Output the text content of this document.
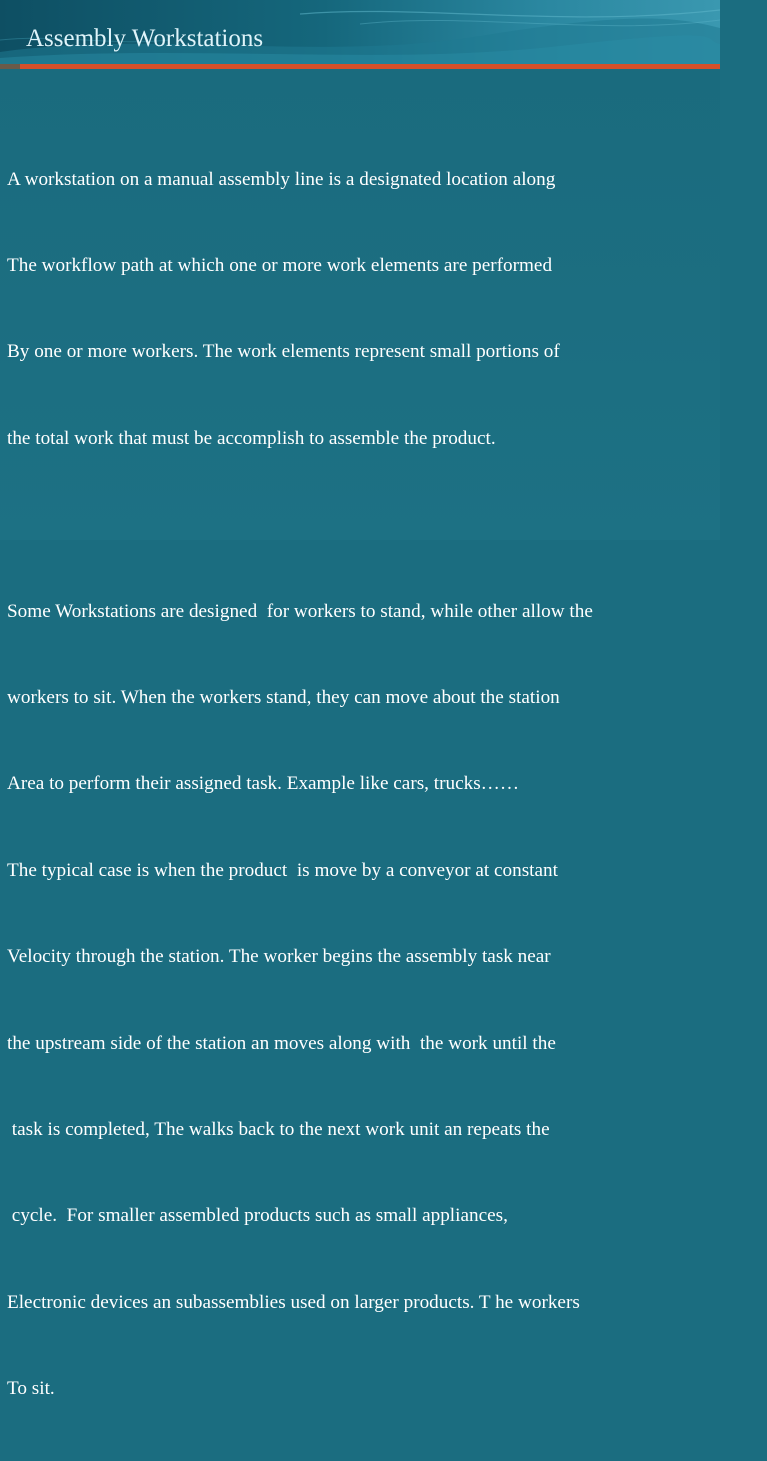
Assembly Workstations

A workstation on a manual assembly line is a designated location along

The workflow path at which one or more work elements are performed

By one or more workers. The work elements represent small portions of

the total work that must be accomplish to assemble the product.

Some Workstations are designed  for workers to stand, while other allow the

workers to sit. When the workers stand, they can move about the station

Area to perform their assigned task. Example like cars, trucks……

The typical case is when the product  is move by a conveyor at constant

Velocity through the station. The worker begins the assembly task near

the upstream side of the station an moves along with  the work until the

task is completed, The walks back to the next work unit an repeats the

cycle.  For smaller assembled products such as small appliances,

Electronic devices an subassemblies used on larger products. T he workers

To sit.
